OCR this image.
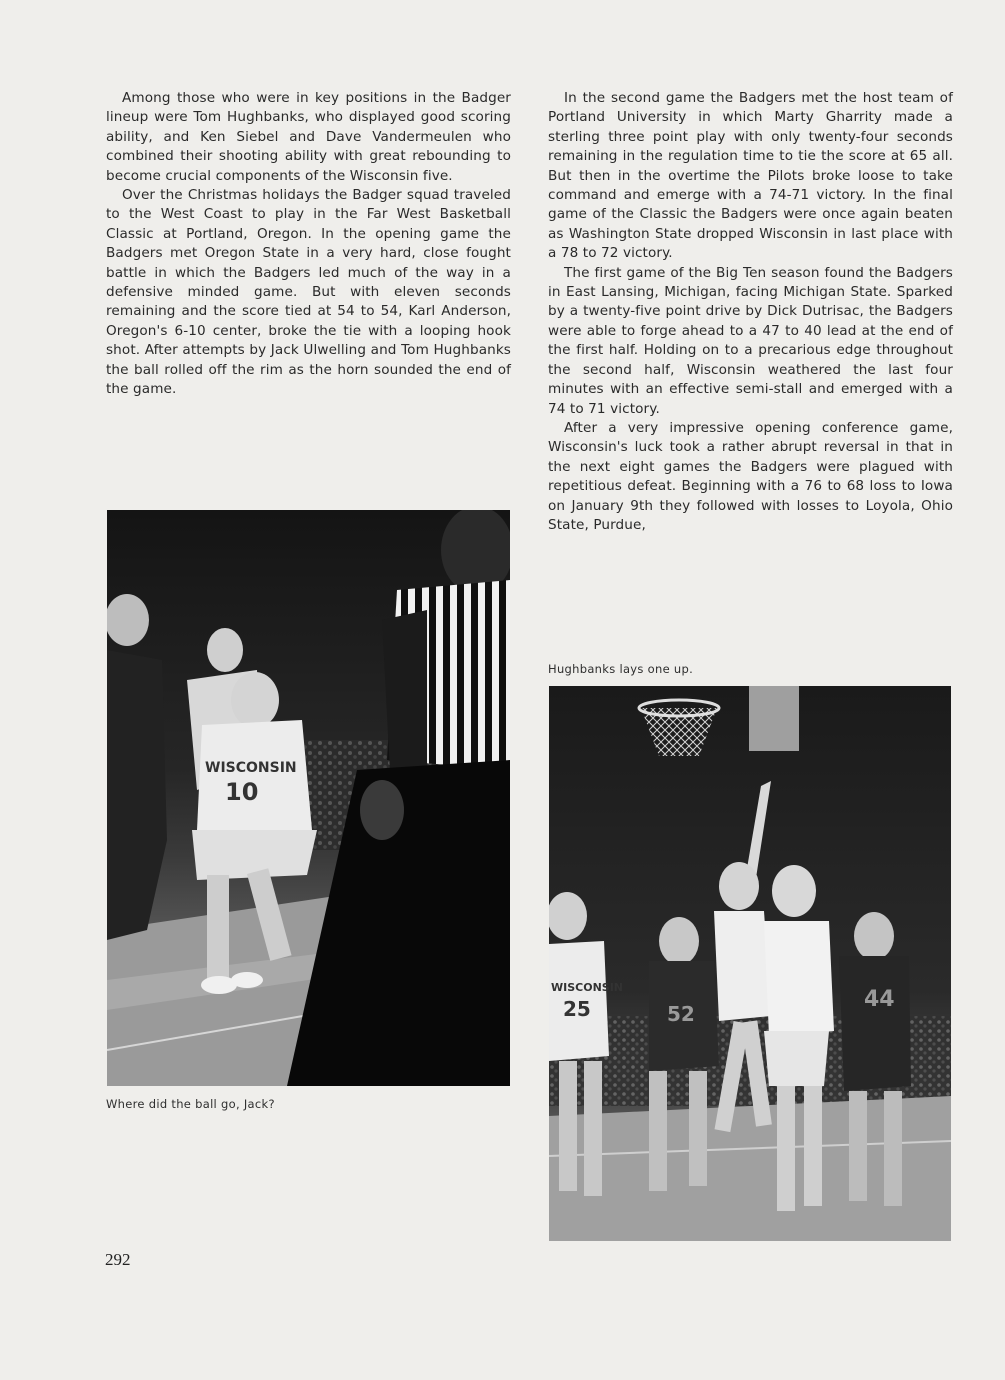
Among those who were in key positions in the Badger lineup were Tom Hughbanks, who displayed good scoring ability, and Ken Siebel and Dave Vandermeulen who combined their shooting ability with great rebounding to become crucial components of the Wisconsin five.

Over the Christmas holidays the Badger squad traveled to the West Coast to play in the Far West Basketball Classic at Portland, Oregon. In the opening game the Badgers met Oregon State in a very hard, close fought battle in which the Badgers led much of the way in a defensive minded game. But with eleven seconds remaining and the score tied at 54 to 54, Karl Anderson, Oregon's 6-10 center, broke the tie with a looping hook shot. After attempts by Jack Ulwelling and Tom Hughbanks the ball rolled off the rim as the horn sounded the end of the game.

In the second game the Badgers met the host team of Portland University in which Marty Gharrity made a sterling three point play with only twenty-four seconds remaining in the regulation time to tie the score at 65 all. But then in the overtime the Pilots broke loose to take command and emerge with a 74-71 victory. In the final game of the Classic the Badgers were once again beaten as Washington State dropped Wisconsin in last place with a 78 to 72 victory.

The first game of the Big Ten season found the Badgers in East Lansing, Michigan, facing Michigan State. Sparked by a twenty-five point drive by Dick Dutrisac, the Badgers were able to forge ahead to a 47 to 40 lead at the end of the first half. Holding on to a precarious edge throughout the second half, Wisconsin weathered the last four minutes with an effective semi-stall and emerged with a 74 to 71 victory.

After a very impressive opening conference game, Wisconsin's luck took a rather abrupt reversal in that in the next eight games the Badgers were plagued with repetitious defeat. Beginning with a 76 to 68 loss to Iowa on January 9th they followed with losses to Loyola, Ohio State, Purdue,

Hughbanks lays one up.
WISCONSIN
10
Where did the ball go, Jack?
WISCONSIN
25	52
44
292
